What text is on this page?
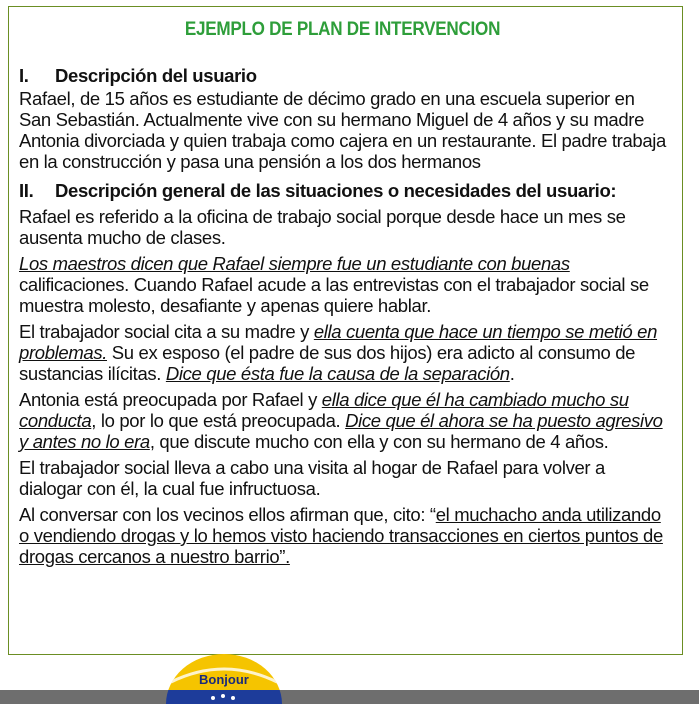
EJEMPLO DE PLAN DE INTERVENCION
I.	Descripción del usuario

Rafael, de 15 años es estudiante de décimo grado en una escuela superior en San Sebastián. Actualmente vive con su hermano Miguel de 4 años y su madre Antonia divorciada y quien trabaja como cajera en un restaurante. El padre trabaja en la construcción y pasa una pensión a los dos hermanos

II.	Descripción general de las situaciones o necesidades del usuario:

Rafael es referido a la oficina de trabajo social porque desde hace un mes se ausenta mucho de clases.

Los maestros dicen que Rafael siempre fue un estudiante con buenas calificaciones. Cuando Rafael acude a las entrevistas con el trabajador social se muestra molesto, desafiante y apenas quiere hablar.

El trabajador social cita a su madre y ella cuenta que hace un tiempo se metió en problemas. Su ex esposo (el padre de sus dos hijos) era adicto al consumo de sustancias ilícitas. Dice que ésta fue la causa de la separación.

Antonia está preocupada por Rafael y ella dice que él ha cambiado mucho su conducta, lo por lo que está preocupada. Dice que él ahora se ha puesto agresivo y antes no lo era, que discute mucho con ella y con su hermano de 4 años.

El trabajador social lleva a cabo una visita al hogar de Rafael para volver a dialogar con él, la cual fue infructuosa.

Al conversar con los vecinos ellos afirman que, cito: “el muchacho anda utilizando o vendiendo drogas y lo hemos visto haciendo transacciones en ciertos puntos de drogas cercanos a nuestro barrio”.

Bonjour
